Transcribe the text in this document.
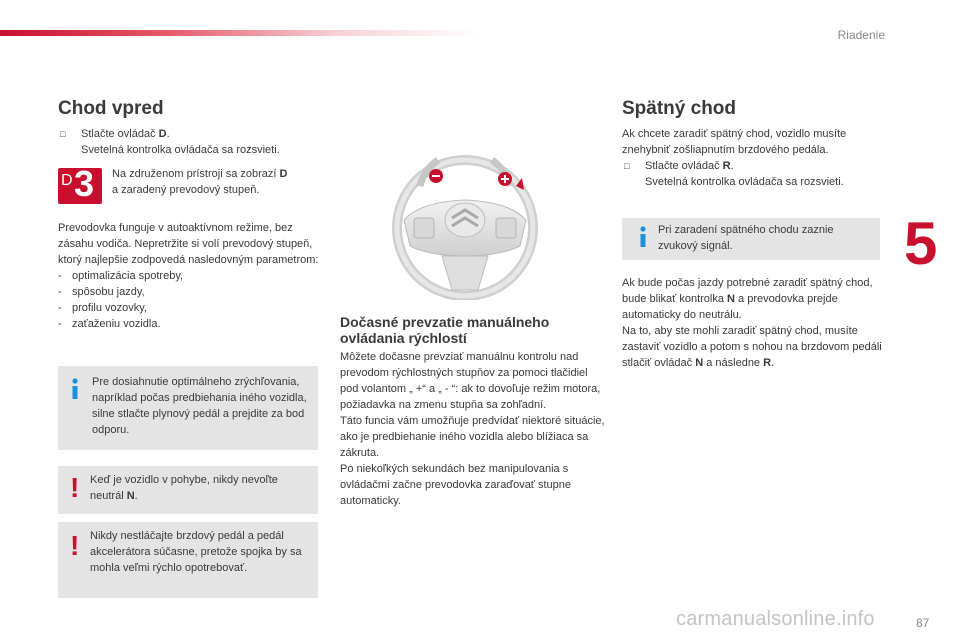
Riadenie
5
87
carmanualsonline.info
Chod vpred
□ Stlačte ovládač D.
Svetelná kontrolka ovládača sa rozsvieti.
D 3 Na združenom prístroji sa zobrazí D
a zaradený prevodový stupeň.

Prevodovka funguje v autoaktívnom režime, bez zásahu vodiča. Nepretržite si volí prevodový stupeň, ktorý najlepšie zodpovedá nasledovným parametrom:

- optimalizácia spotreby,
- spôsobu jazdy,
- profilu vozovky,
- zaťaženiu vozidla.
Pre dosiahnutie optimálneho zrýchľovania, napríklad počas predbiehania iného vozidla, silne stlačte plynový pedál a prejdite za bod odporu.
! Keď je vozidlo v pohybe, nikdy nevoľte neutrál N.
! Nikdy nestláčajte brzdový pedál a pedál akcelerátora súčasne, pretože spojka by sa mohla veľmi rýchlo opotrebovať.
Dočasné prevzatie manuálneho
ovládania rýchlostí

Môžete dočasne prevziať manuálnu kontrolu nad prevodom rýchlostných stupňov za pomoci tlačidiel pod volantom „ +“ a „ - “: ak to dovoľuje režim motora, požiadavka na zmenu stupňa sa zohľadní.

Táto funcia vám umožňuje predvídať niektoré situácie, ako je predbiehanie iného vozidla alebo blížiaca sa zákruta.

Po niekoľkých sekundách bez manipulovania s ovládačmi začne prevodovka zaraďovať stupne automaticky.

Spätný chod
Ak chcete zaradiť spätný chod, vozidlo musíte znehybniť zošliapnutím brzdového pedála.
□ Stlačte ovládač R.
Svetelná kontrolka ovládača sa rozsvieti.
Pri zaradení spätného chodu zaznie zvukový signál.

Ak bude počas jazdy potrebné zaradiť spätný chod, bude blikať kontrolka N a prevodovka prejde automaticky do neutrálu.

Na to, aby ste mohli zaradiť spätný chod, musíte zastaviť vozidlo a potom s nohou na brzdovom pedáli stlačiť ovládač N a následne R.
